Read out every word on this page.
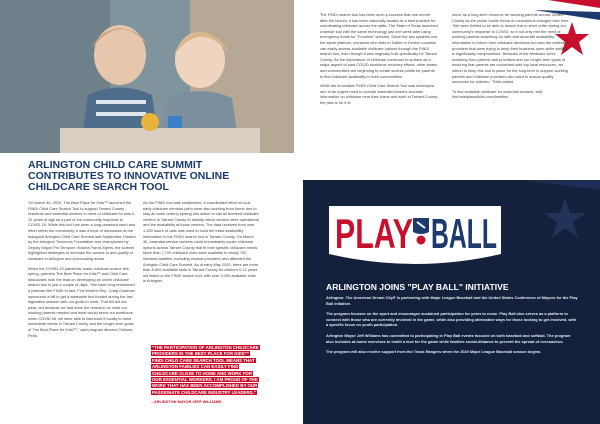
ARLINGTON CHILD CARE SUMMIT CONTRIBUTES TO INNOVATIVE ONLINE CHILDCARE SEARCH TOOL

On March 30, 2020, The Best Place for Kids™ launched the FIND! Child Care Search Tool to support Tarrant County residents and essential workers in need of childcare for kids 0-12 years of age as a part of the community response to COVID-19. While this tool has been a long-dreamed need and effort within the community, it was a topic of discussion at the inaugural Arlington Child Care Summit last September. Hosted by the Arlington Tomorrow Foundation and championed by Deputy Mayor Pro Tempore Victoria Farrar-Myers, the summit highlighted strategies to increase the access to and quality of childcare in Arlington and surrounding areas.

When the COVID-19 pandemic made childcare scarce this spring, partners The Best Place for Kids™ and Child Care Associates took the lead on developing an online childcare search tool in just a couple of days. "We have long envisioned a platform like FIND! In fact, Fort Worth's Rep. Craig Goldman sponsored a bill to get a statewide tool funded during the last legislative session with our goals in mind. That bill did not pass, but because we had done the research on what our working parents needed and what would serve our workforce, when COVID hit, we were able to fast-track it locally to meet immediate needs in Tarrant County and the longer-term goals of The Best Place for Kids™," said program director Chelsea Pella.

As the FIND! tool was established, a coordinated effort of local early childcare mentors (who were also working from home due to stay at home orders) sprang into action to call all licensed childcare centers in Tarrant County to identify which centers were operational and the availability at those centers. The data received from over 1,200 hours of calls was used to build the initial availability information in the FIND! search tool in Tarrant County. On March 30, essential service workers could immediately locate childcare options across Tarrant County that fit their specific childcare needs. More than 7,700 childcare slots were available in nearly 700 licensed facilities, including several providers who attended the Arlington Child Care Summit. As of early May 2020, there are more than 8,600 available slots in Tarrant County for children 0-12 years old listed on the FIND! search tool, with over 3,000 available slots in Arlington.

"THE PARTICIPATION OF ARLINGTON CHILDCARE PROVIDERS IN THE BEST PLACE FOR KIDS™ FIND! CHILD CARE SEARCH TOOL MEANS THAT ARLINGTON FAMILIES CAN EASILY FIND CHILDCARE CLOSE TO HOME AND WORK FOR OUR ESSENTIAL WORKERS. I AM PROUD OF THE WORK THAT HAS BEEN ACCOMPLISHED BY OUR PASSIONATE CHILDCARE INDUSTRY LEADERS."
– ARLINGTON MAYOR JEFF WILLIAMS

The FIND! search tool has been such a success that one month after the launch, it has been nationally lauded as a best practice for coordinating childcare across the state. The State of Texas launched a similar tool with the same technology just one week later using emergency funds for "Frontline" workers. Since the two systems use the same platform, someone who lives in Dallas or Denton counties can easily access available childcare options through the FIND! search tool, even though it was originally built specifically for Tarrant County. As the importance of childcare continues to surface as a major aspect of post-COVID workforce recovery efforts, other states and communities are beginning to create access points for parents to find childcare availability in their communities.

While the innovative FIND! Child Care Search Tool was developed due to an urgent need to provide essential workers accurate information on childcare near their home and work in Tarrant County, the plan is for it to

serve as a long-term resource for working parents across Tarrant County as the public health threat of coronavirus changes over time. "We were thrilled to be able to launch this in short order during our community's response to COVID, so it not only met the need of working parents searching for safe and accurate availability information to inform their childcare decisions but also the childcare providers that were trying to keep their business open while staffing is significantly compromised. Because of the feedback we're receiving from parents and providers and our longer-term goals of ensuring that parents are connected with top local resources, we intend to keep this tool in place for the long-term to support working parents and childcare providers who want to ensure quality outcomes for children," Pella added.

To find available childcare for essential workers, visit: find.bestplace4kids.com/families.

PLAY BALL
ARLINGTON JOINS "PLAY BALL" INITIATIVE

Arlington: The American Dream City® is partnering with Major League Baseball and the United States Conference of Mayors for the Play Ball initiative.

The program focuses on the sport and encourages sustained participation for years to come. Play Ball also serves as a platform to connect with those who are currently involved in the game, while also providing alternative ways for those looking to get involved, with a specific focus on youth participation.

Arlington Mayor Jeff Williams has committed to participating in Play Ball events focused on both baseball and softball. The program also includes at-home exercises to instill a love for the game while families social-distance to prevent the spread of coronavirus.

The program will also receive support from the Texas Rangers when the 2020 Major League Baseball season begins.
